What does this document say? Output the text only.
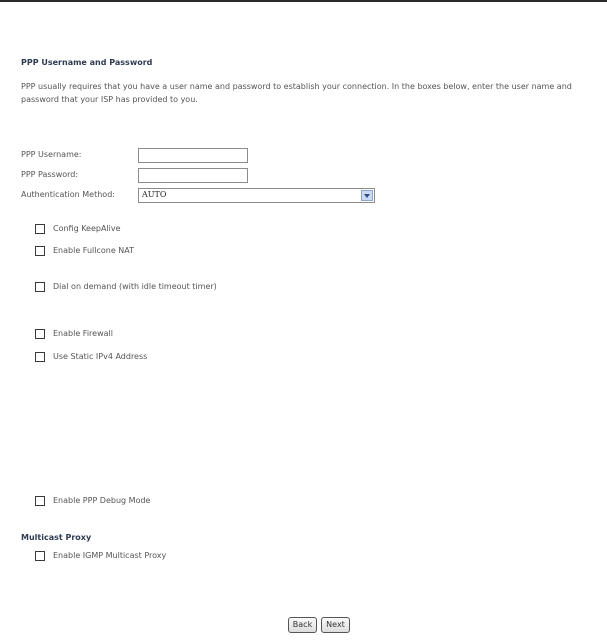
PPP Username and Password
PPP usually requires that you have a user name and password to establish your connection. In the boxes below, enter the user name and password that your ISP has provided to you.
PPP Username:
PPP Password:
Authentication Method:	AUTO
Config KeepAlive
Enable Fullcone NAT
Dial on demand (with idle timeout timer)
Enable Firewall
Use Static IPv4 Address
Enable PPP Debug Mode
Multicast Proxy
Enable IGMP Multicast Proxy
Back	Next
